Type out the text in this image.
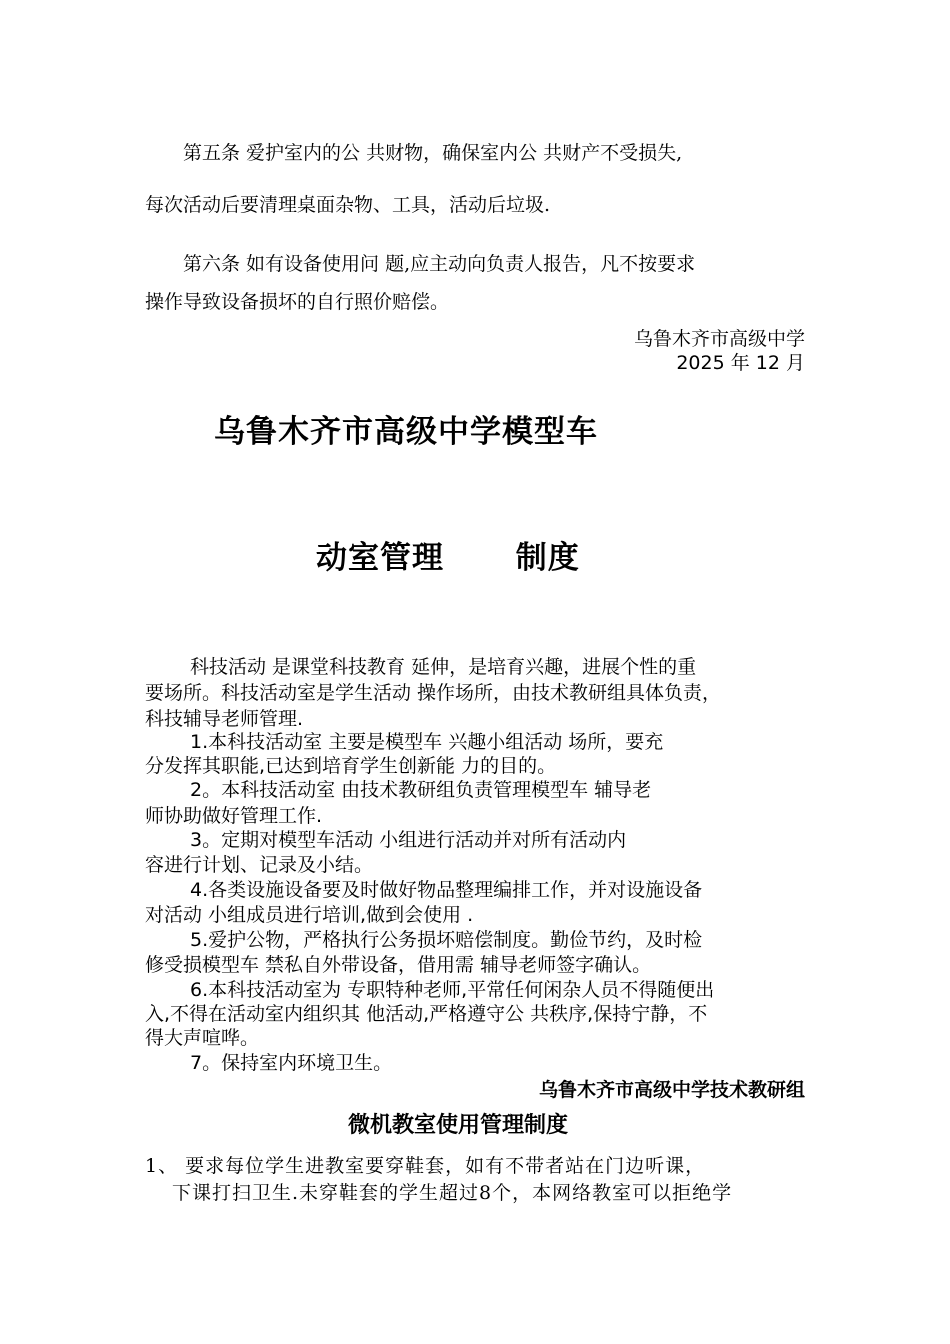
第五条 爱护室内的公 共财物，确保室内公 共财产不受损失,
每次活动后要清理桌面杂物、工具，活动后垃圾.
第六条 如有设备使用问 题,应主动向负责人报告，凡不按要求
操作导致设备损坏的自行照价赔偿。
乌鲁木齐市高级中学
2025 年 12 月
乌鲁木齐市高级中学模型车
动室管理 制度
科技活动 是课堂科技教育 延伸，是培育兴趣，进展个性的重
要场所。科技活动室是学生活动 操作场所，由技术教研组具体负责，
科技辅导老师管理.
1.本科技活动室 主要是模型车 兴趣小组活动 场所，要充
分发挥其职能,已达到培育学生创新能 力的目的。
2。本科技活动室 由技术教研组负责管理模型车 辅导老
师协助做好管理工作.
3。定期对模型车活动 小组进行活动并对所有活动内
容进行计划、记录及小结。
4.各类设施设备要及时做好物品整理编排工作，并对设施设备
对活动 小组成员进行培训,做到会使用 .
5.爱护公物，严格执行公务损坏赔偿制度。勤俭节约，及时检
修受损模型车 禁私自外带设备，借用需 辅导老师签字确认。
6.本科技活动室为 专职特种老师,平常任何闲杂人员不得随便出
入,不得在活动室内组织其 他活动,严格遵守公 共秩序,保持宁静，不
得大声喧哗。
7。保持室内环境卫生。
乌鲁木齐市高级中学技术教研组
微机教室使用管理制度
1、 要求每位学生进教室要穿鞋套，如有不带者站在门边听课，
下课打扫卫生.未穿鞋套的学生超过8个，本网络教室可以拒绝学
